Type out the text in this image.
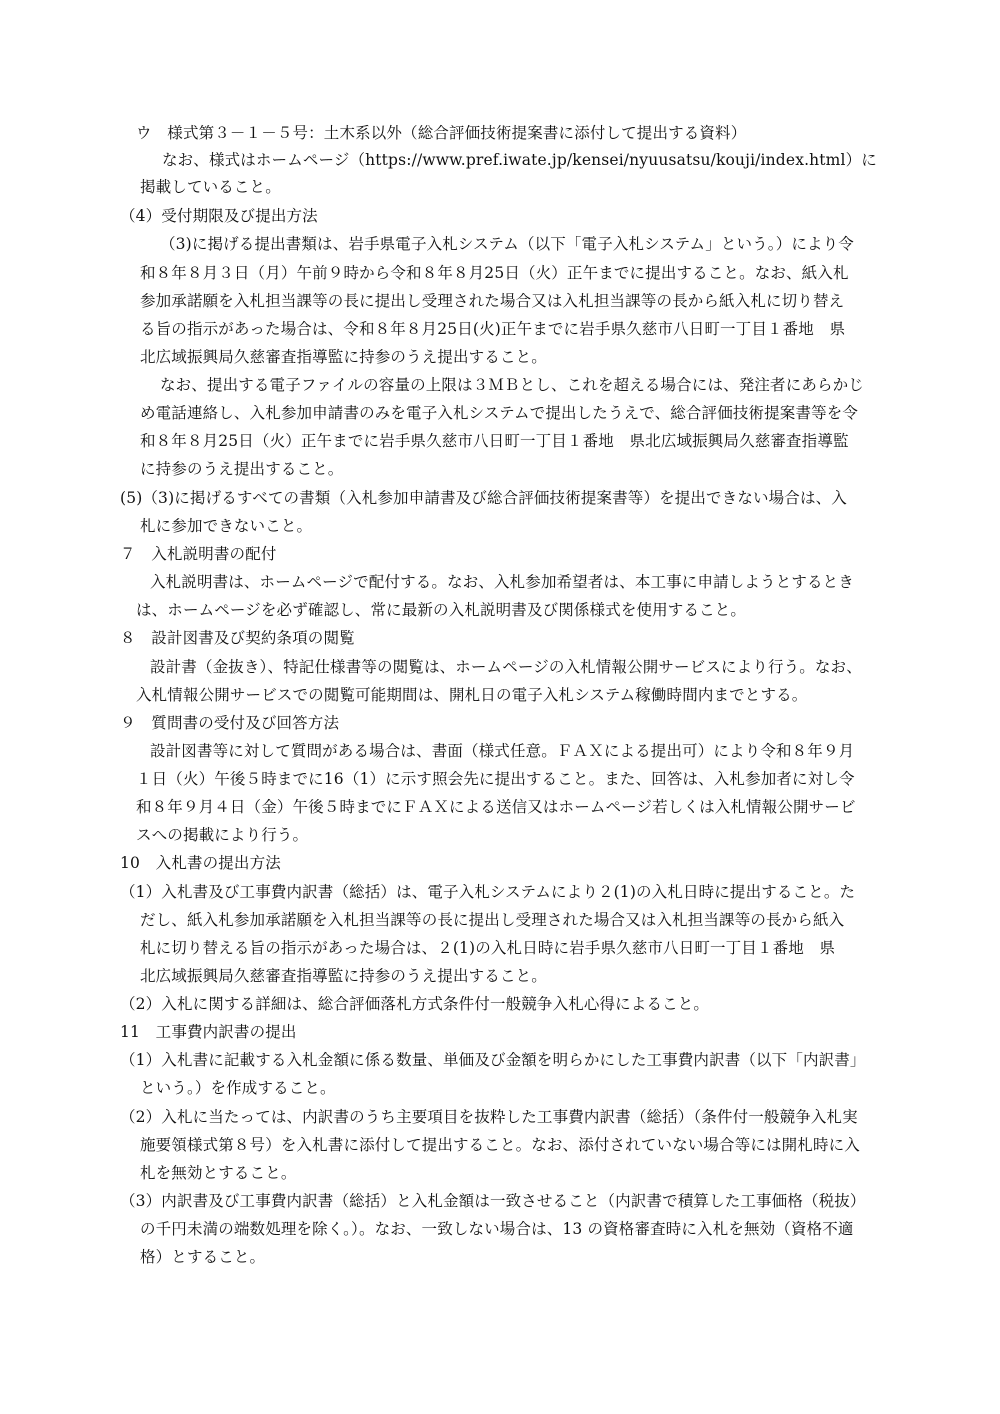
ウ　様式第３－１－５号：土木系以外（総合評価技術提案書に添付して提出する資料）
なお、様式はホームページ（https://www.pref.iwate.jp/kensei/nyuusatsu/kouji/index.html）に
掲載していること。
（4）受付期限及び提出方法
（3)に掲げる提出書類は、岩手県電子入札システム（以下「電子入札システム」という。）により令
和８年８月３日（月）午前９時から令和８年８月25日（火）正午までに提出すること。なお、紙入札
参加承諾願を入札担当課等の長に提出し受理された場合又は入札担当課等の長から紙入札に切り替え
る旨の指示があった場合は、令和８年８月25日(火)正午までに岩手県久慈市八日町一丁目１番地　県
北広域振興局久慈審査指導監に持参のうえ提出すること。
なお、提出する電子ファイルの容量の上限は３ＭＢとし、これを超える場合には、発注者にあらかじ
め電話連絡し、入札参加申請書のみを電子入札システムで提出したうえで、総合評価技術提案書等を令
和８年８月25日（火）正午までに岩手県久慈市八日町一丁目１番地　県北広域振興局久慈審査指導監
に持参のうえ提出すること。
(5)（3)に掲げるすべての書類（入札参加申請書及び総合評価技術提案書等）を提出できない場合は、入
札に参加できないこと。
７　入札説明書の配付
入札説明書は、ホームページで配付する。なお、入札参加希望者は、本工事に申請しようとするとき
は、ホームページを必ず確認し、常に最新の入札説明書及び関係様式を使用すること。
８　設計図書及び契約条項の閲覧
設計書（金抜き）、特記仕様書等の閲覧は、ホームページの入札情報公開サービスにより行う。なお、
入札情報公開サービスでの閲覧可能期間は、開札日の電子入札システム稼働時間内までとする。
９　質問書の受付及び回答方法
設計図書等に対して質問がある場合は、書面（様式任意。ＦＡＸによる提出可）により令和８年９月
１日（火）午後５時までに16（1）に示す照会先に提出すること。また、回答は、入札参加者に対し令
和８年９月４日（金）午後５時までにＦＡＸによる送信又はホームページ若しくは入札情報公開サービ
スへの掲載により行う。
10　入札書の提出方法
（1）入札書及び工事費内訳書（総括）は、電子入札システムにより２(1)の入札日時に提出すること。た
だし、紙入札参加承諾願を入札担当課等の長に提出し受理された場合又は入札担当課等の長から紙入
札に切り替える旨の指示があった場合は、２(1)の入札日時に岩手県久慈市八日町一丁目１番地　県
北広域振興局久慈審査指導監に持参のうえ提出すること。
（2）入札に関する詳細は、総合評価落札方式条件付一般競争入札心得によること。
11　工事費内訳書の提出
（1）入札書に記載する入札金額に係る数量、単価及び金額を明らかにした工事費内訳書（以下「内訳書」
という。）を作成すること。
（2）入札に当たっては、内訳書のうち主要項目を抜粋した工事費内訳書（総括）（条件付一般競争入札実
施要領様式第８号）を入札書に添付して提出すること。なお、添付されていない場合等には開札時に入
札を無効とすること。
（3）内訳書及び工事費内訳書（総括）と入札金額は一致させること（内訳書で積算した工事価格（税抜）
の千円未満の端数処理を除く。）。なお、一致しない場合は、13 の資格審査時に入札を無効（資格不適
格）とすること。
